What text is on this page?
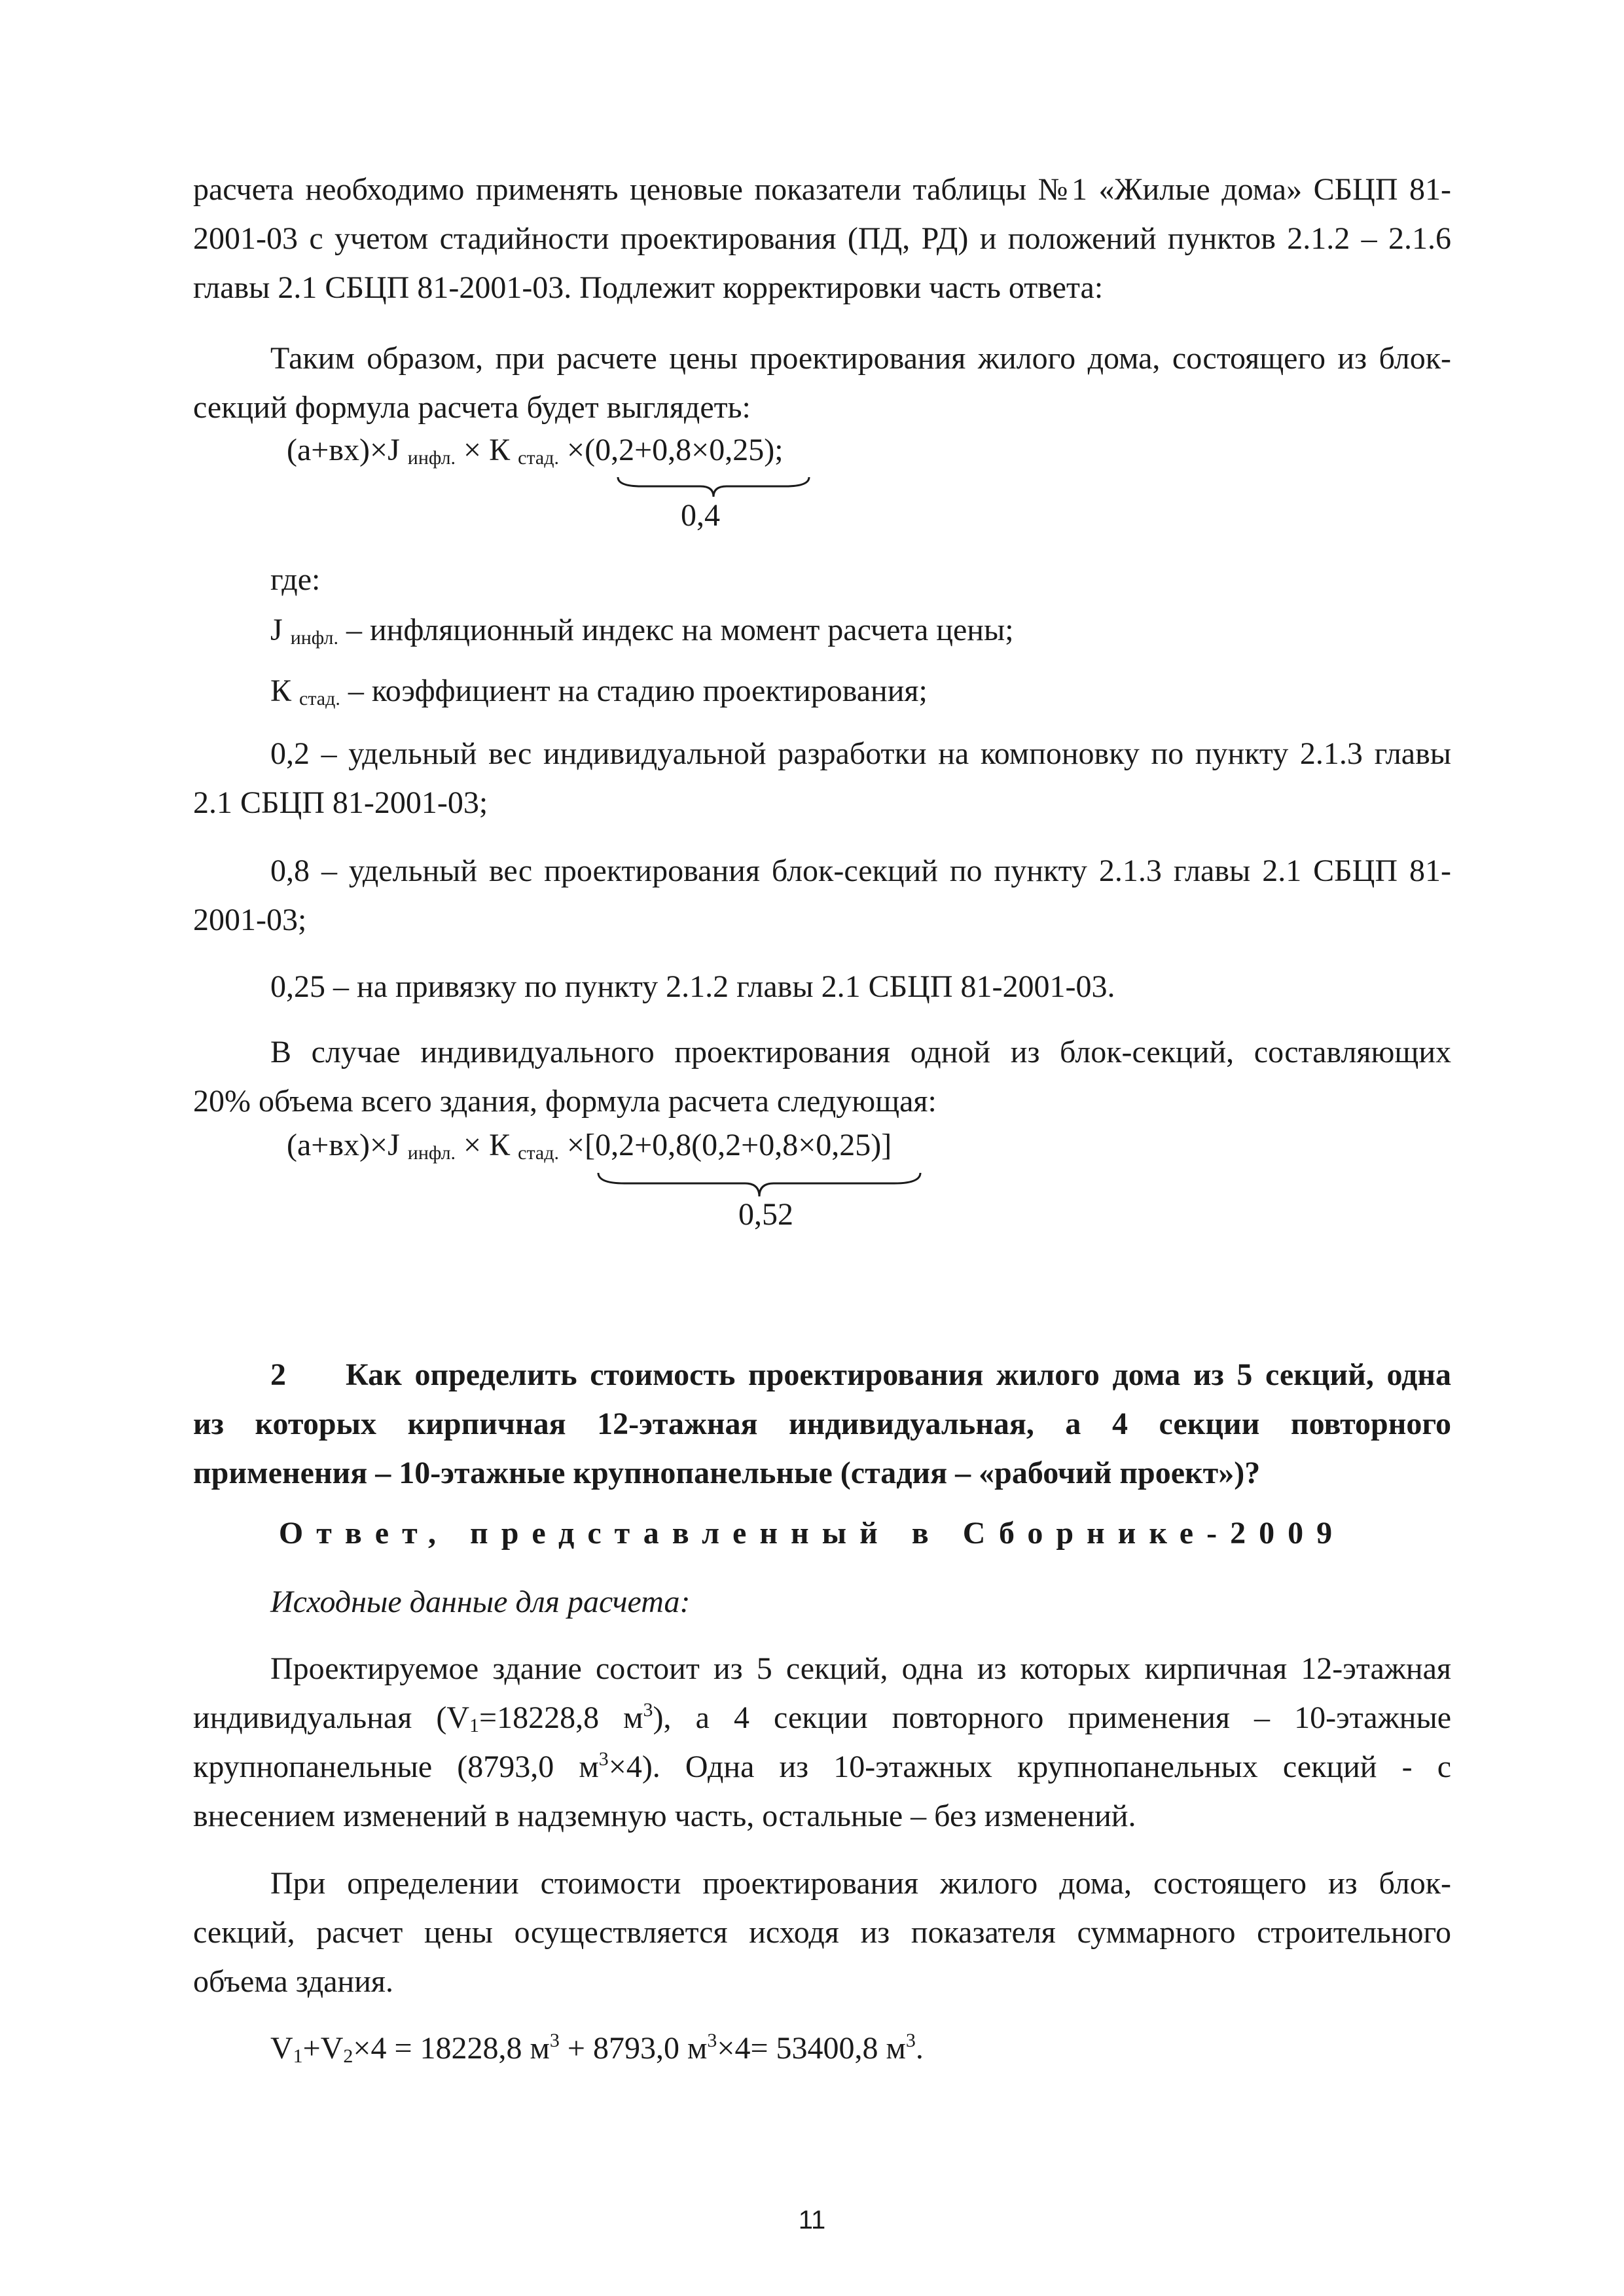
расчета необходимо применять ценовые показатели таблицы №1 «Жилые дома» СБЦП 81-

2001-03 с учетом стадийности проектирования (ПД, РД) и положений пунктов 2.1.2 – 2.1.6

главы 2.1 СБЦП 81-2001-03. Подлежит корректировки часть ответа:

Таким образом, при расчете цены проектирования жилого дома, состоящего из блок-

секций формула расчета будет выглядеть:

(а+вх)×J $_{инфл.}$ × К $_{стад.}$ ×(0,2+0,8×0,25);

0,4

где:

J $_{инфл.}$ – инфляционный индекс на момент расчета цены;

К $_{стад.}$ – коэффициент на стадию проектирования;

0,2 – удельный вес индивидуальной разработки на компоновку по пункту 2.1.3 главы

2.1 СБЦП 81-2001-03;

0,8 – удельный вес проектирования блок-секций по пункту 2.1.3 главы 2.1 СБЦП 81-

2001-03;

0,25 – на привязку по пункту 2.1.2 главы 2.1 СБЦП 81-2001-03.

В случае индивидуального проектирования одной из блок-секций, составляющих

20% объема всего здания, формула расчета следующая:

(а+вх)×J $_{инфл.}$ × К $_{стад.}$ ×[0,2+0,8(0,2+0,8×0,25)]

0,52

2	Как определить стоимость проектирования жилого дома из 5 секций, одна

из которых кирпичная 12-этажная индивидуальная, а 4 секции повторного

применения – 10-этажные крупнопанельные (стадия – «рабочий проект»)?

Ответ, представленный в Сборнике-2009

Исходные данные для расчета:

Проектируемое здание состоит из 5 секций, одна из которых кирпичная 12-этажная

индивидуальная ($V_1=18228,8$ $м^3$), а 4 секции повторного применения – 10-этажные

крупнопанельные (8793,0 $м^3\times 4$). Одна из 10-этажных крупнопанельных секций - с

внесением изменений в надземную часть, остальные – без изменений.

При определении стоимости проектирования жилого дома, состоящего из блок-

секций, расчет цены осуществляется исходя из показателя суммарного строительного

объема здания.

$V_1+V_2\times 4 = 18228,8$ $м^3 + 8793,0$ $м^3\times 4= 53400,8$ $м^3$.

11
